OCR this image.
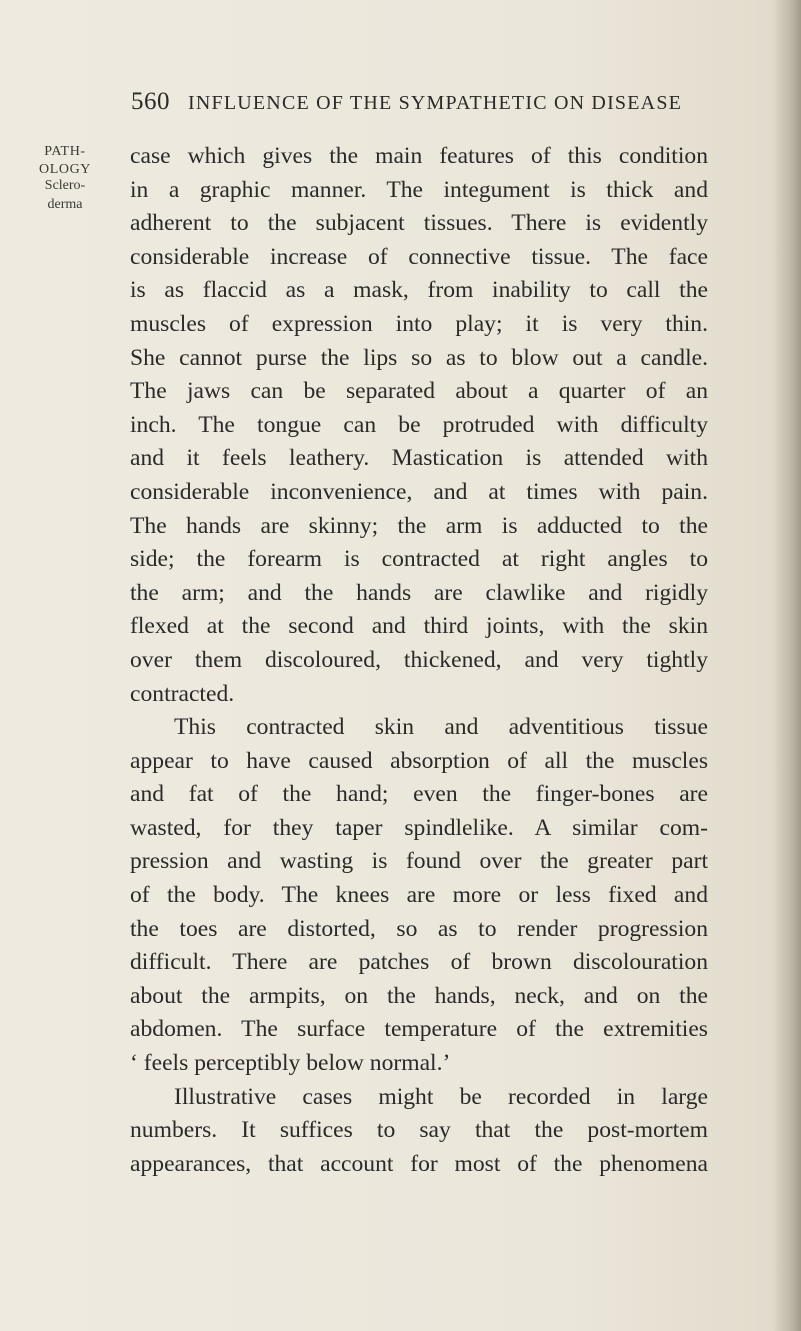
560 INFLUENCE OF THE SYMPATHETIC ON DISEASE
PATH-
OLOGY
Sclero-
derma
case which gives the main features of this condition
in a graphic manner. The integument is thick and
adherent to the subjacent tissues. There is evidently
considerable increase of connective tissue. The face
is as flaccid as a mask, from inability to call the
muscles of expression into play; it is very thin.
She cannot purse the lips so as to blow out a candle.
The jaws can be separated about a quarter of an
inch. The tongue can be protruded with difficulty
and it feels leathery. Mastication is attended with
considerable inconvenience, and at times with pain.
The hands are skinny; the arm is adducted to the
side; the forearm is contracted at right angles to
the arm; and the hands are clawlike and rigidly
flexed at the second and third joints, with the skin
over them discoloured, thickened, and very tightly
contracted.
This contracted skin and adventitious tissue
appear to have caused absorption of all the muscles
and fat of the hand; even the finger-bones are
wasted, for they taper spindlelike. A similar com-
pression and wasting is found over the greater part
of the body. The knees are more or less fixed and
the toes are distorted, so as to render progression
difficult. There are patches of brown discolouration
about the armpits, on the hands, neck, and on the
abdomen. The surface temperature of the extremities
‘ feels perceptibly below normal.’
Illustrative cases might be recorded in large
numbers. It suffices to say that the post-mortem
appearances, that account for most of the phenomena
